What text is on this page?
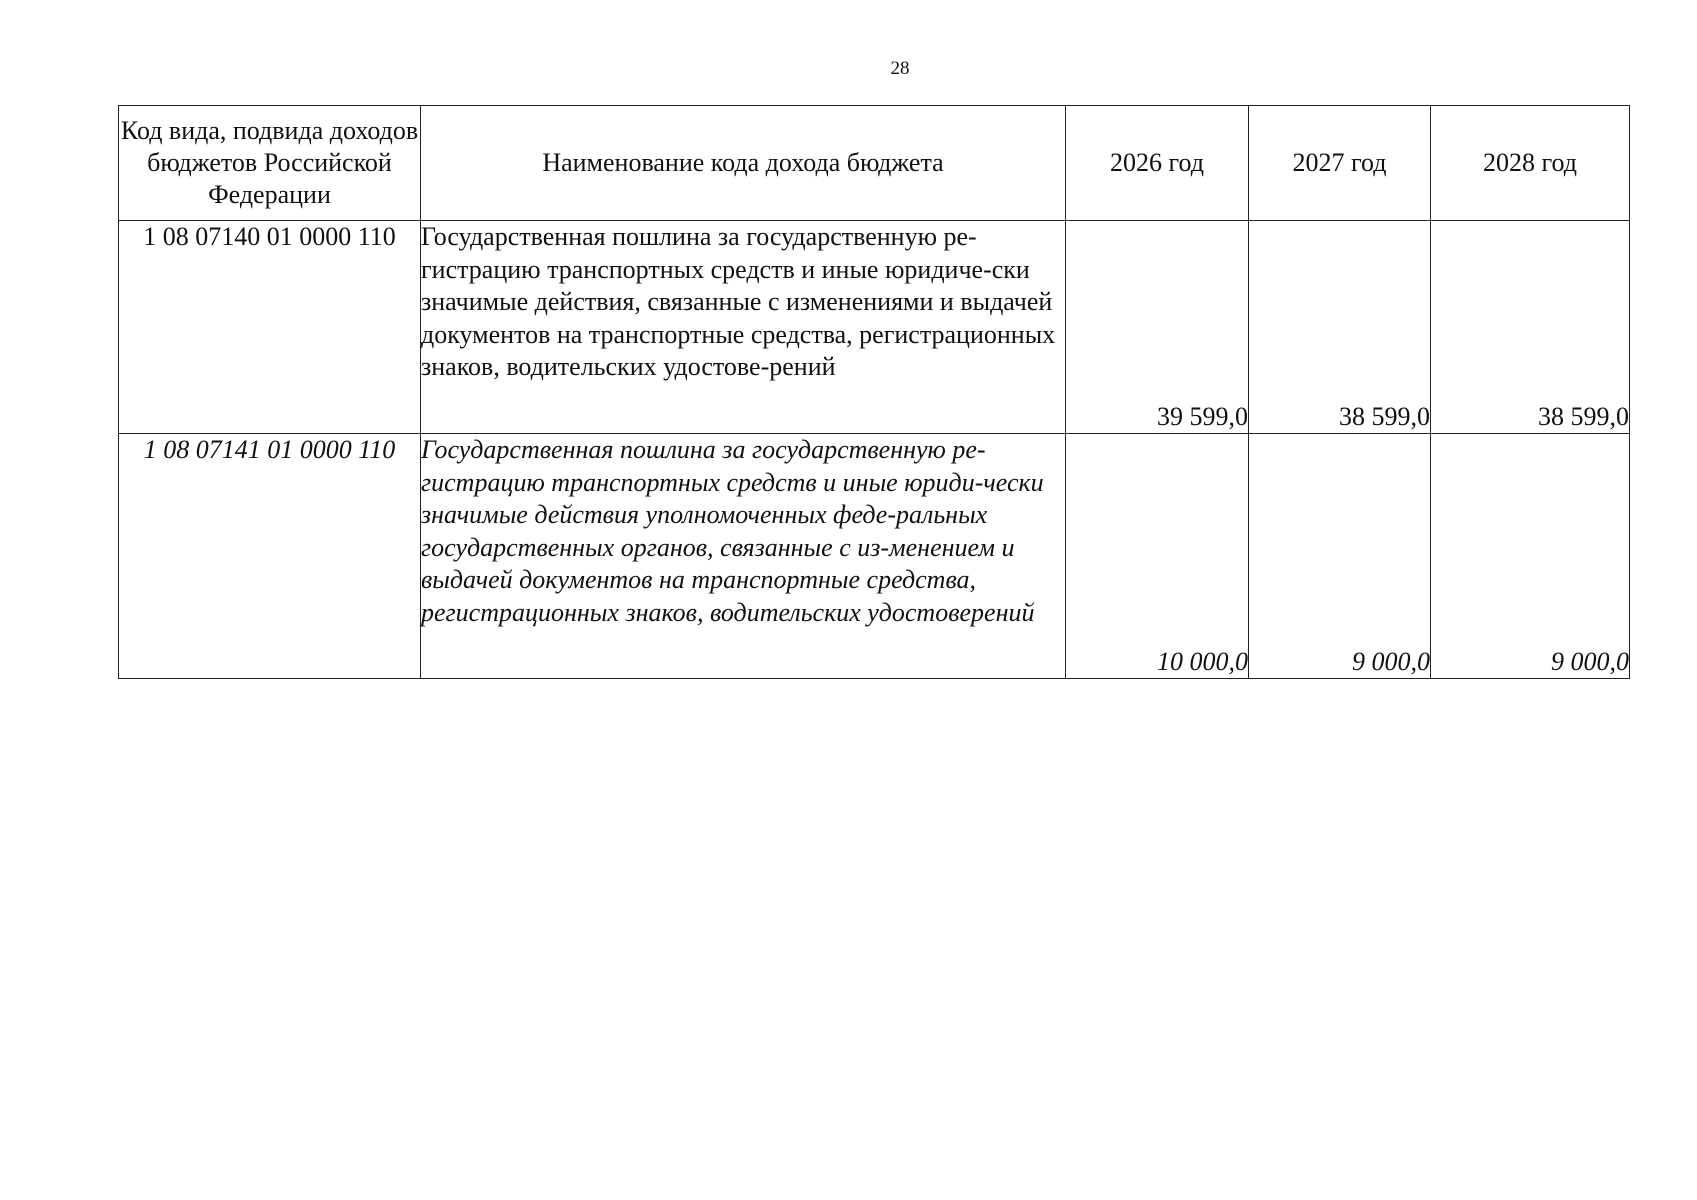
28
Код вида, подвида доходов бюджетов Российской Федерации	Наименование кода дохода бюджета	2026 год	2027 год	2028 год
1 08 07140 01 0000 110	Государственная пошлина за государственную ре-гистрацию транспортных средств и иные юридиче-ски значимые действия, связанные с изменениями и выдачей документов на транспортные средства, регистрационных знаков, водительских удостове-рений	39 599,0	38 599,0	38 599,0
1 08 07141 01 0000 110	Государственная пошлина за государственную ре-гистрацию транспортных средств и иные юриди-чески значимые действия уполномоченных феде-ральных государственных органов, связанные с из-менением и выдачей документов на транспортные средства, регистрационных знаков, водительских удостоверений	10 000,0	9 000,0	9 000,0
